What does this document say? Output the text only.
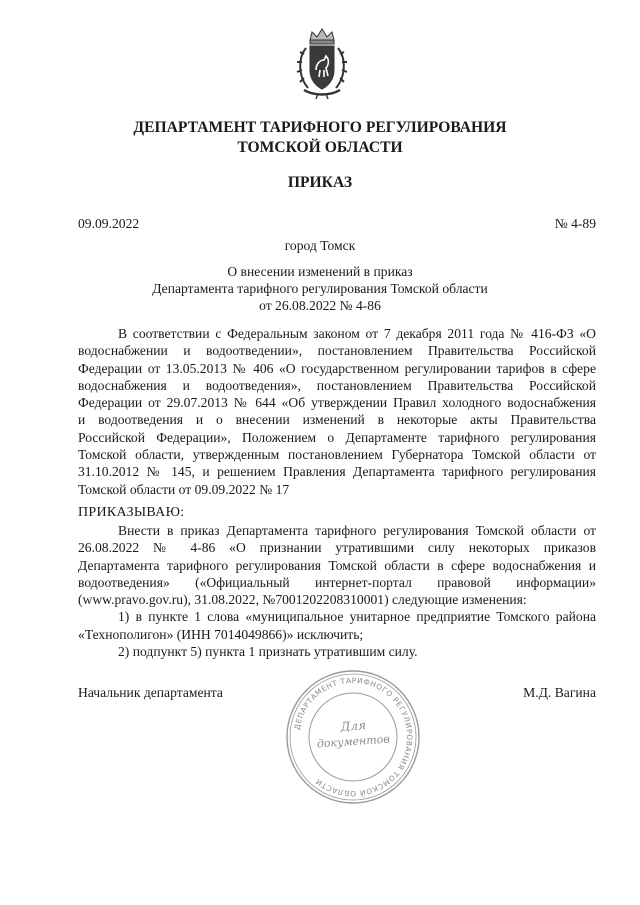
ДЕПАРТАМЕНТ ТАРИФНОГО РЕГУЛИРОВАНИЯ
ТОМСКОЙ ОБЛАСТИ
ПРИКАЗ
09.09.2022	№ 4-89
город Томск
О внесении изменений в приказ
Департамента тарифного регулирования Томской области
от 26.08.2022 № 4-86
В соответствии с Федеральным законом от 7 декабря 2011 года № 416-ФЗ «О
водоснабжении и водоотведении», постановлением Правительства Российской
Федерации от 13.05.2013 № 406 «О государственном регулировании тарифов в сфере
водоснабжения и водоотведения», постановлением Правительства Российской
Федерации от 29.07.2013 № 644 «Об утверждении Правил холодного водоснабжения
и водоотведения и о внесении изменений в некоторые акты Правительства
Российской Федерации», Положением о Департаменте тарифного регулирования
Томской области, утвержденным постановлением Губернатора Томской области от
31.10.2012 № 145, и решением Правления Департамента тарифного регулирования
Томской области от 09.09.2022 № 17
ПРИКАЗЫВАЮ:
Внести в приказ Департамента тарифного регулирования Томской области от
26.08.2022 № 4-86 «О признании утратившими силу некоторых приказов
Департамента тарифного регулирования Томской области в сфере водоснабжения и
водоотведения» («Официальный интернет-портал правовой информации»
(www.pravo.gov.ru), 31.08.2022, №7001202208310001) следующие изменения:
1) в пункте 1 слова «муниципальное унитарное предприятие Томского района
«Технополигон» (ИНН 7014049866)» исключить;
2) подпункт 5) пункта 1 признать утратившим силу.
Начальник департамента	М.Д. Вагина
ДЕПАРТАМЕНТ ТАРИФНОГО РЕГУЛИРОВАНИЯ ТОМСКОЙ ОБЛАСТИ
Для
документов
